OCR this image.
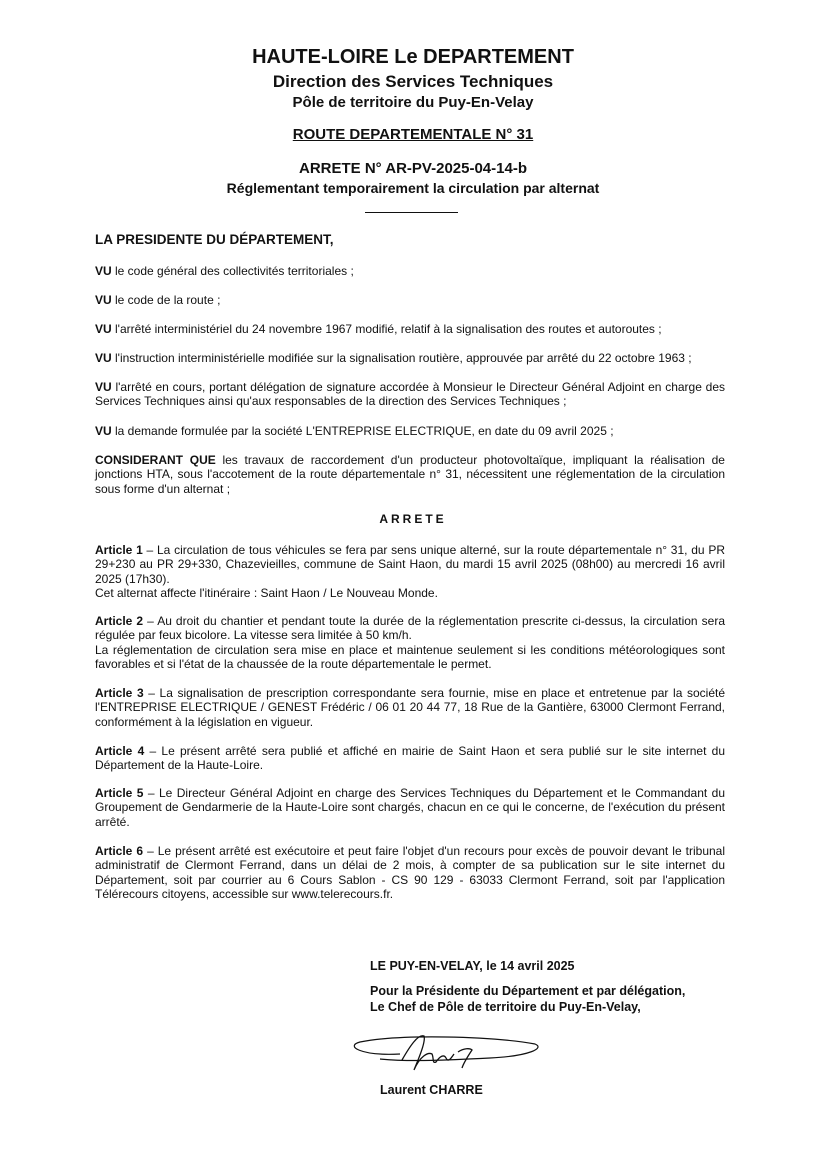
HAUTE-LOIRE Le DEPARTEMENT
Direction des Services Techniques
Pôle de territoire du Puy-En-Velay
ROUTE DEPARTEMENTALE N° 31
ARRETE N° AR-PV-2025-04-14-b
Réglementant temporairement la circulation par alternat
LA PRESIDENTE DU DÉPARTEMENT,
VU le code général des collectivités territoriales ;
VU le code de la route ;
VU l'arrêté interministériel du 24 novembre 1967 modifié, relatif à la signalisation des routes et autoroutes ;
VU l'instruction interministérielle modifiée sur la signalisation routière, approuvée par arrêté du 22 octobre 1963 ;
VU l'arrêté en cours, portant délégation de signature accordée à Monsieur le Directeur Général Adjoint en charge des Services Techniques ainsi qu'aux responsables de la direction des Services Techniques ;
VU la demande formulée par la société L'ENTREPRISE ELECTRIQUE, en date du 09 avril 2025 ;
CONSIDERANT QUE les travaux de raccordement d'un producteur photovoltaïque, impliquant la réalisation de jonctions HTA, sous l'accotement de la route départementale n° 31, nécessitent une réglementation de la circulation sous forme d'un alternat ;
ARRETE
Article 1 – La circulation de tous véhicules se fera par sens unique alterné, sur la route départementale n° 31, du PR 29+230 au PR 29+330, Chazevieilles, commune de Saint Haon, du mardi 15 avril 2025 (08h00) au mercredi 16 avril 2025 (17h30).
Cet alternat affecte l'itinéraire : Saint Haon / Le Nouveau Monde.
Article 2 – Au droit du chantier et pendant toute la durée de la réglementation prescrite ci-dessus, la circulation sera régulée par feux bicolore. La vitesse sera limitée à 50 km/h.
La réglementation de circulation sera mise en place et maintenue seulement si les conditions météorologiques sont favorables et si l'état de la chaussée de la route départementale le permet.
Article 3 – La signalisation de prescription correspondante sera fournie, mise en place et entretenue par la société l'ENTREPRISE ELECTRIQUE / GENEST Frédéric / 06 01 20 44 77, 18 Rue de la Gantière, 63000 Clermont Ferrand, conformément à la législation en vigueur.
Article 4 – Le présent arrêté sera publié et affiché en mairie de Saint Haon et sera publié sur le site internet du Département de la Haute-Loire.
Article 5 – Le Directeur Général Adjoint en charge des Services Techniques du Département et le Commandant du Groupement de Gendarmerie de la Haute-Loire sont chargés, chacun en ce qui le concerne, de l'exécution du présent arrêté.
Article 6 – Le présent arrêté est exécutoire et peut faire l'objet d'un recours pour excès de pouvoir devant le tribunal administratif de Clermont Ferrand, dans un délai de 2 mois, à compter de sa publication sur le site internet du Département, soit par courrier au 6 Cours Sablon - CS 90 129 - 63033 Clermont Ferrand, soit par l'application Télérecours citoyens, accessible sur www.telerecours.fr.
LE PUY-EN-VELAY, le 14 avril 2025
Pour la Présidente du Département et par délégation,
Le Chef de Pôle de territoire du Puy-En-Velay,
Laurent CHARRE
